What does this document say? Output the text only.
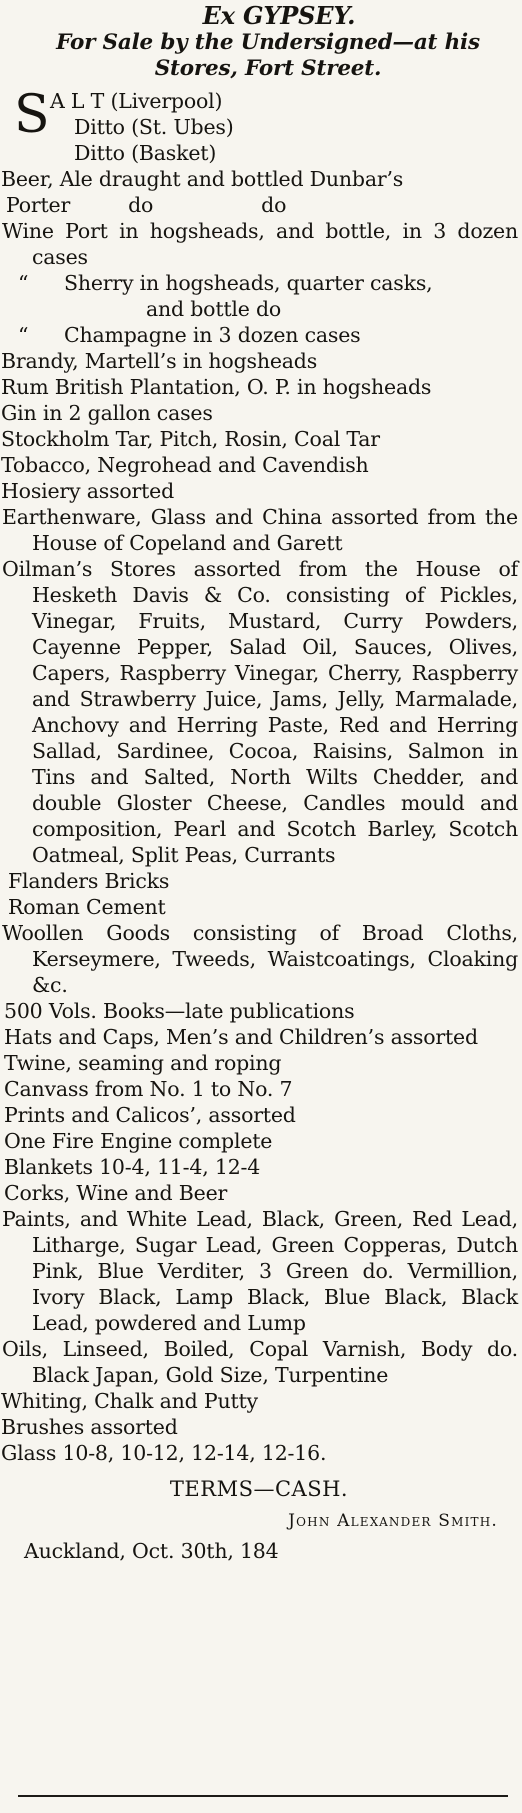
Ex GYPSEY.
For Sale by the Undersigned—at his Stores, Fort Street.
S A L T (Liverpool)
Ditto (St. Ubes)
Ditto (Basket)
Beer, Ale draught and bottled Dunbar’s
Porter	do	do
Wine Port in hogsheads, and bottle, in 3 dozen cases
“	Sherry in hogsheads, quarter casks,
and bottle do
“	Champagne in 3 dozen cases
Brandy, Martell’s in hogsheads
Rum British Plantation, O. P. in hogsheads
Gin in 2 gallon cases
Stockholm Tar, Pitch, Rosin, Coal Tar
Tobacco, Negrohead and Cavendish
Hosiery assorted
Earthenware, Glass and China assorted from the House of Copeland and Garett
Oilman’s Stores assorted from the House of Hesketh Davis & Co. consisting of Pickles, Vinegar, Fruits, Mustard, Curry Powders, Cayenne Pepper, Salad Oil, Sauces, Olives, Capers, Raspberry Vinegar, Cherry, Raspberry and Strawberry Juice, Jams, Jelly, Marmalade, Anchovy and Herring Paste, Red and Herring Sallad, Sardinee, Cocoa, Raisins, Salmon in Tins and Salted, North Wilts Chedder, and double Gloster Cheese, Candles mould and composition, Pearl and Scotch Barley, Scotch Oatmeal, Split Peas, Currants
Flanders Bricks
Roman Cement
Woollen Goods consisting of Broad Cloths, Kerseymere, Tweeds, Waistcoatings, Cloaking &c.
500 Vols. Books—late publications
Hats and Caps, Men’s and Children’s assorted
Twine, seaming and roping
Canvass from No. 1 to No. 7
Prints and Calicos’, assorted
One Fire Engine complete
Blankets 10-4, 11-4, 12-4
Corks, Wine and Beer
Paints, and White Lead, Black, Green, Red Lead, Litharge, Sugar Lead, Green Copperas, Dutch Pink, Blue Verditer, 3 Green do. Vermillion, Ivory Black, Lamp Black, Blue Black, Black Lead, powdered and Lump
Oils, Linseed, Boiled, Copal Varnish, Body do. Black Japan, Gold Size, Turpentine
Whiting, Chalk and Putty
Brushes assorted
Glass 10-8, 10-12, 12-14, 12-16.
TERMS—CASH.
John Alexander Smith.
Auckland, Oct. 30th, 184
